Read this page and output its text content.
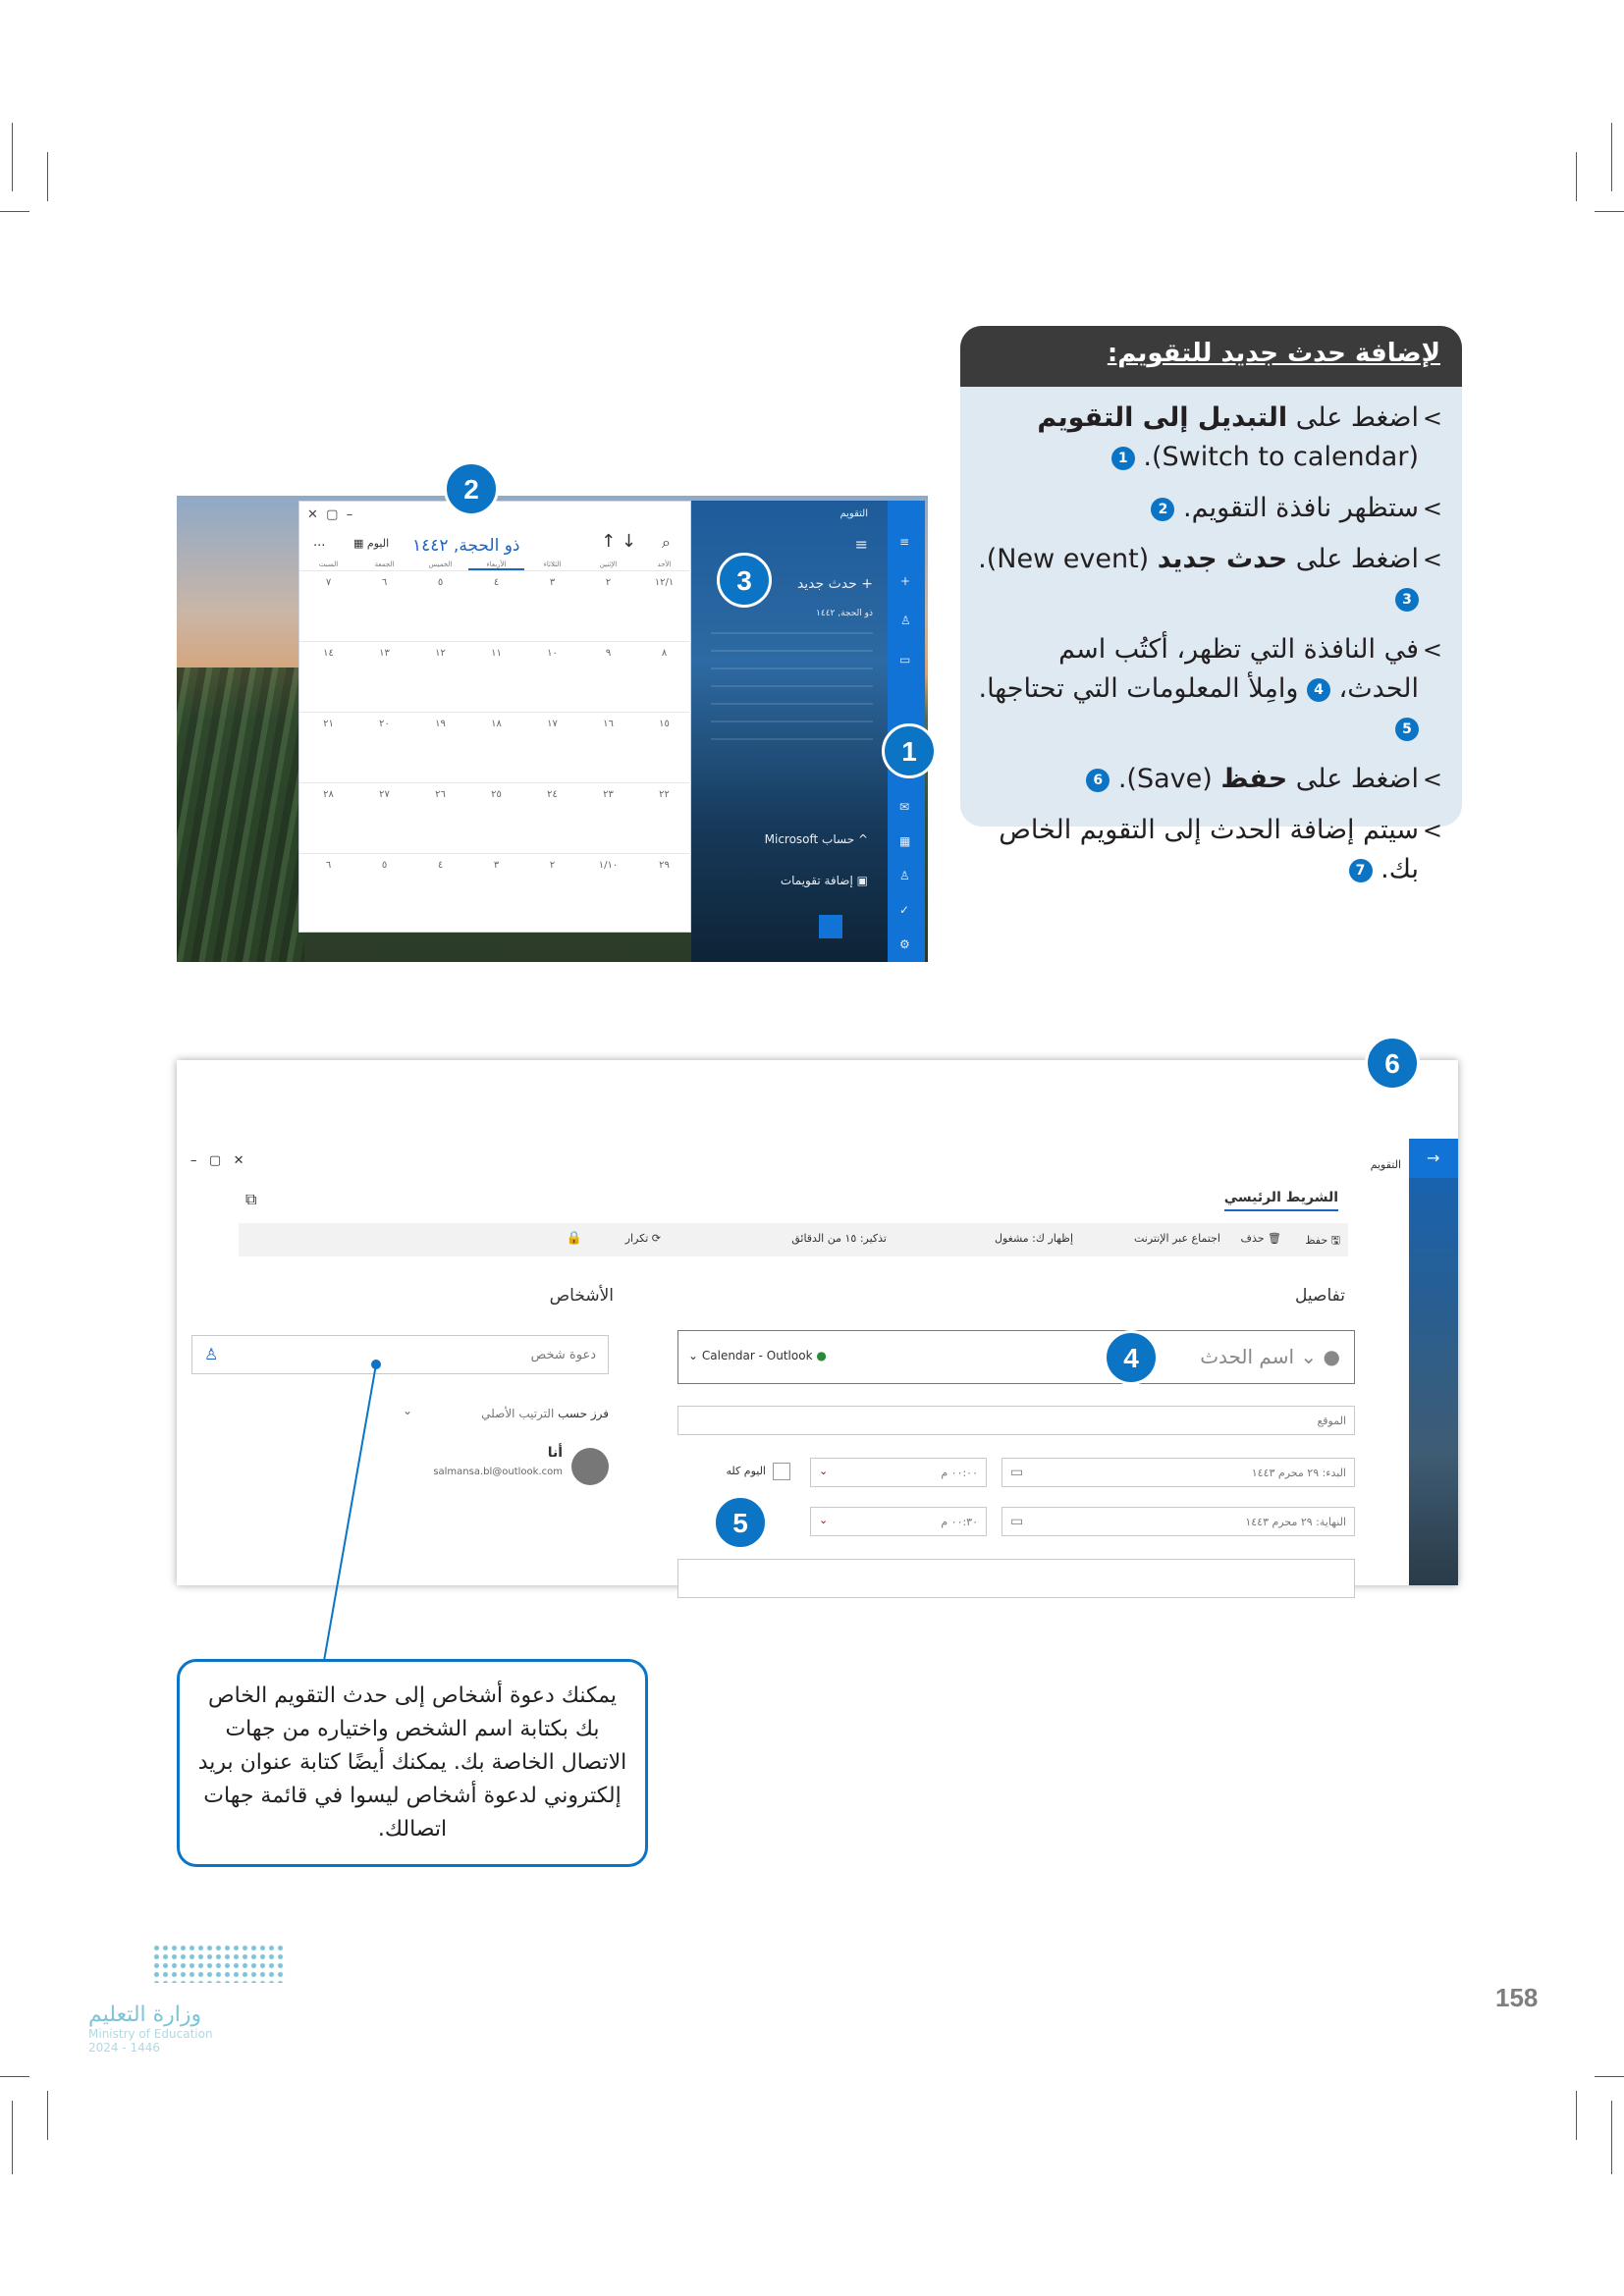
لإضافة حدث جديد للتقويم:
> اضغط على التبديل إلى التقويم (Switch to calendar). 1
> ستظهر نافذة التقويم. 2
> اضغط على حدث جديد (New event). 3
> في النافذة التي تظهر، أكتُب اسم الحدث، 4 وامِلأ المعلومات التي تحتاجها. 5
> اضغط على حفظ (Save). 6
> سيتم إضافة الحدث إلى التقويم الخاص بك. 7
✕  ▢  –
⌕
↑ ↓
ذو الحجة, ١٤٤٢
▦ اليوم
...
الأحد
الإثنين
الثلاثاء
الأربعاء
الخميس
الجمعة
السبت
١٢/١
٢
٣
٤
٥
٦
٧
٨
٩
١٠
١١
١٢
١٣
١٤
١٥
١٦
١٧
١٨
١٩
٢٠
٢١
٢٢
٢٣
٢٤
٢٥
٢٦
٢٧
٢٨
٢٩
١/١٠
٢
٣
٤
٥
٦
التقويم
≡
+ حدث جديد
ذو الحجة, ١٤٤٢
^ حساب Microsoft
▣ إضافة تقويمات
≡
+
♙
▭
✉
▦
♙
✓
⚙
2
3
1
→
التقويم
✕   ▢   –
⧉	الشريط الرئيسي
🖫 حفظ
🗑 حذف
اجتماع عبر الإنترنت
إظهار ك: مشغول
تذكير: ١٥ من الدقائق
⟳ تكرار
🔒
تفاصيل
● ⌄ اسم الحدث
⌄ Calendar - Outlook ●
الموقع
البدء: ٢٩ محرم ١٤٤٣
▭
٠٠:٠٠ م
⌄
اليوم كله
النهاية: ٢٩ محرم ١٤٤٣
▭
٠٠:٣٠ م
⌄
الأشخاص
دعوة شخص
♙
فرز حسب الترتيب الأصلي
⌄
أنا
salmansa.bl@outlook.com
6
4
5
يمكنك دعوة أشخاص إلى حدث التقويم الخاص بك بكتابة اسم الشخص واختياره من جهات الاتصال الخاصة بك. يمكنك أيضًا كتابة عنوان بريد إلكتروني لدعوة أشخاص ليسوا في قائمة جهات اتصالك.
158
وزارة التعليم
Ministry of Education
2024 - 1446
